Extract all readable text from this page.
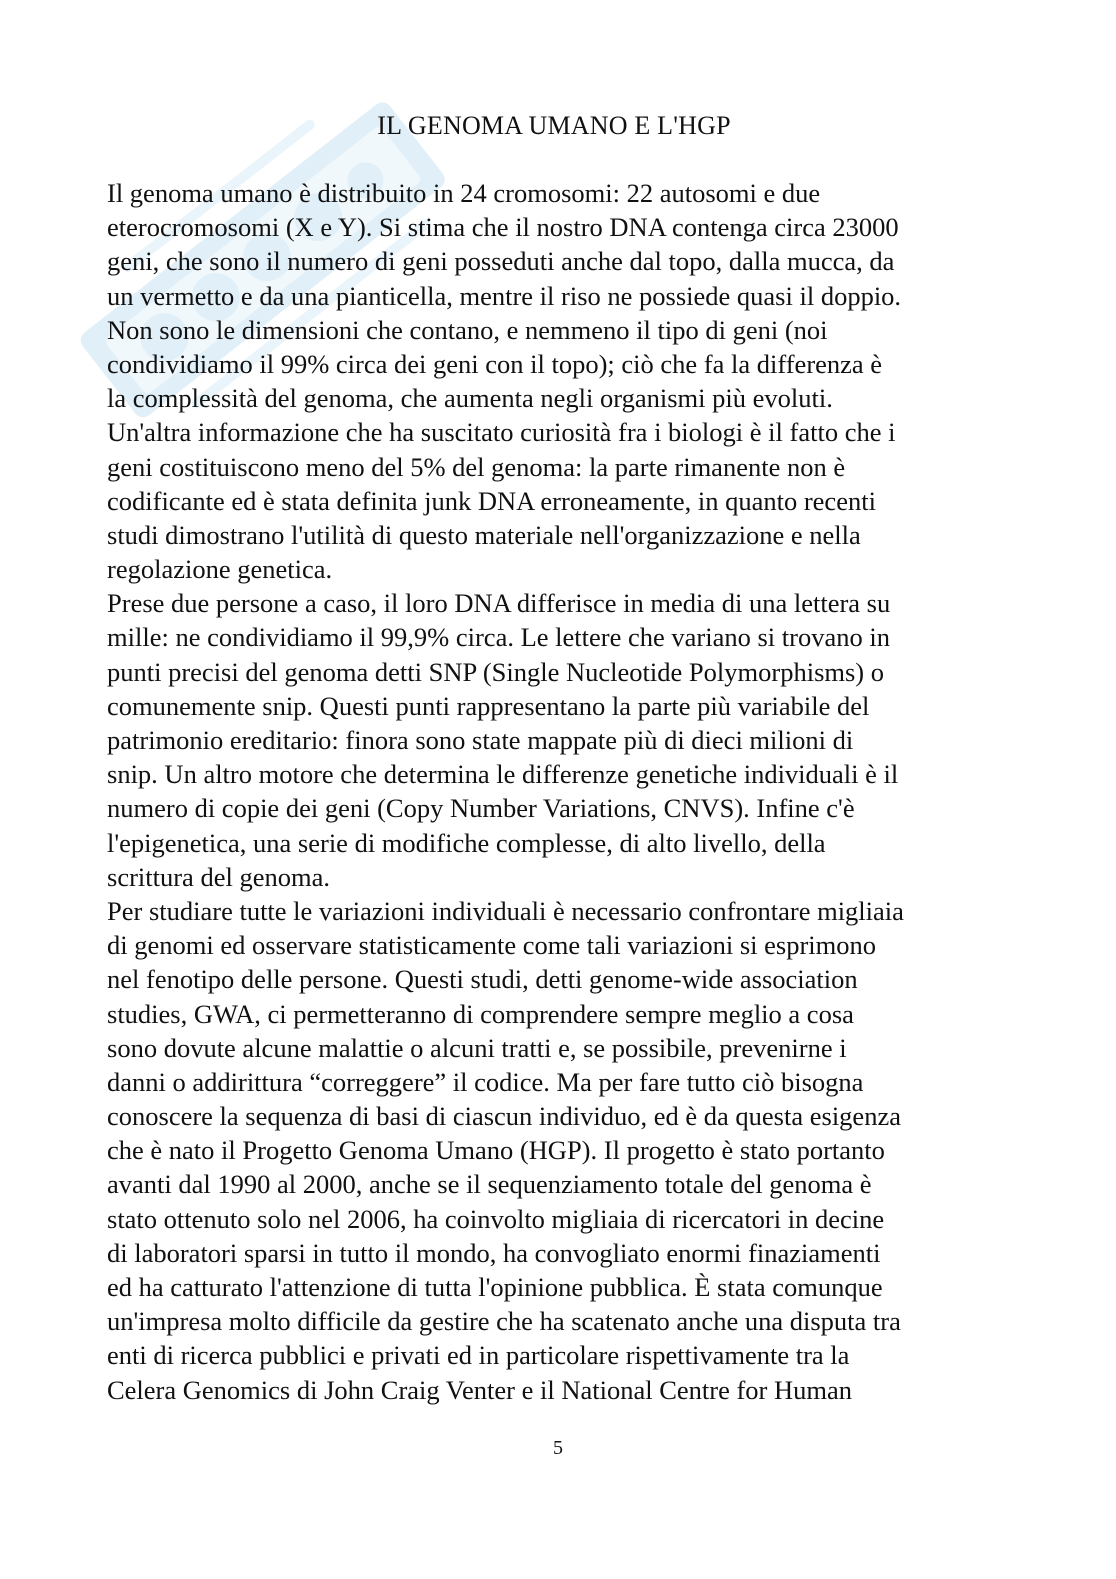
IL GENOMA UMANO E L'HGP
Il genoma umano è distribuito in 24 cromosomi: 22 autosomi e due
eterocromosomi (X e Y). Si stima che il nostro DNA contenga circa 23000
geni, che sono il numero di geni posseduti anche dal topo, dalla mucca, da
un vermetto e da una pianticella, mentre il riso ne possiede quasi il doppio.
Non sono le dimensioni che contano, e nemmeno il tipo di geni (noi
condividiamo il 99% circa dei geni con il topo); ciò che fa la differenza è
la complessità del genoma, che aumenta negli organismi più evoluti.
Un'altra informazione che ha suscitato curiosità fra i biologi è il fatto che i
geni costituiscono meno del 5% del genoma: la parte rimanente non è
codificante ed è stata definita junk DNA erroneamente, in quanto recenti
studi dimostrano l'utilità di questo materiale nell'organizzazione e nella
regolazione genetica.
Prese due persone a caso, il loro DNA differisce in media di una lettera su
mille: ne condividiamo il 99,9% circa. Le lettere che variano si trovano in
punti precisi del genoma detti SNP (Single Nucleotide Polymorphisms) o
comunemente snip. Questi punti rappresentano la parte più variabile del
patrimonio ereditario: finora sono state mappate più di dieci milioni di
snip. Un altro motore che determina le differenze genetiche individuali è il
numero di copie dei geni (Copy Number Variations, CNVS). Infine c'è
l'epigenetica, una serie di modifiche complesse, di alto livello, della
scrittura del genoma.
Per studiare tutte le variazioni individuali è necessario confrontare migliaia
di genomi ed osservare statisticamente come tali variazioni si esprimono
nel fenotipo delle persone. Questi studi, detti genome-wide association
studies, GWA, ci permetteranno di comprendere sempre meglio a cosa
sono dovute alcune malattie o alcuni tratti e, se possibile, prevenirne i
danni o addirittura “correggere” il codice. Ma per fare tutto ciò bisogna
conoscere la sequenza di basi di ciascun individuo, ed è da questa esigenza
che è nato il Progetto Genoma Umano (HGP). Il progetto è stato portanto
avanti dal 1990 al 2000, anche se il sequenziamento totale del genoma è
stato ottenuto solo nel 2006, ha coinvolto migliaia di ricercatori in decine
di laboratori sparsi in tutto il mondo, ha convogliato enormi finaziamenti
ed ha catturato l'attenzione di tutta l'opinione pubblica. È stata comunque
un'impresa molto difficile da gestire che ha scatenato anche una disputa tra
enti di ricerca pubblici e privati ed in particolare rispettivamente tra la
Celera Genomics di John Craig Venter e il National Centre for Human
5
